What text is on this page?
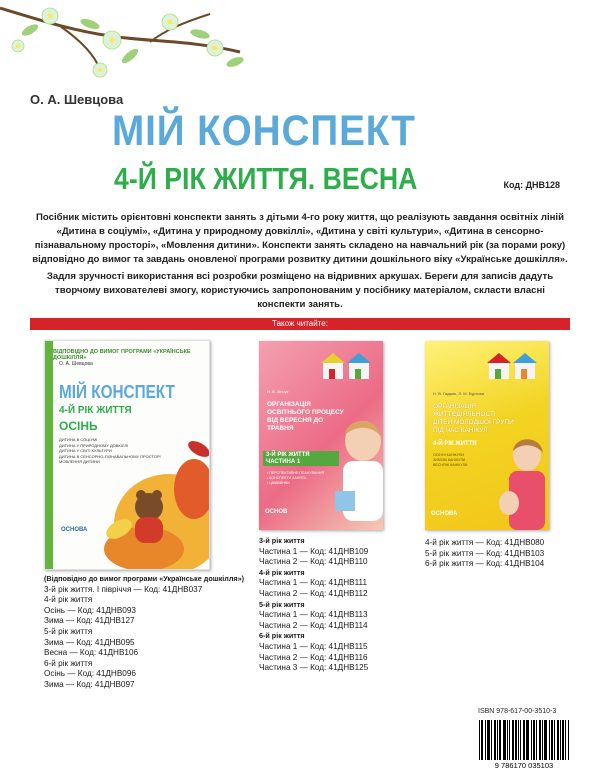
О. А. Шевцова
МІЙ КОНСПЕКТ
4-Й РІК ЖИТТЯ. ВЕСНА	Код: ДНВ128

Посібник містить орієнтовні конспекти занять з дітьми 4-го року життя, що реалізують завдання освітніх ліній «Дитина в соціумі», «Дитина у природному довкіллі», «Дитина у світі культури», «Дитина в сенсорно-пізнавальному просторі», «Мовлення дитини». Конспекти занять складено на навчальний рік (за порами року) відповідно до вимог та завдань оновленої програми розвитку дитини дошкільного віку «Українське дошкілля».

Задля зручності використання всі розробки розміщено на відривних аркушах. Береги для записів дадуть творчому вихователеві змогу, користуючись запропонованим у посібнику матеріалом, скласти власні конспекти занять.

Також читайте:
ВІДПОВІДНО ДО ВИМОГ ПРОГРАМИ «УКРАЇНСЬКЕ ДОШКІЛЛЯ»
О. А. Шевцова
МІЙ КОНСПЕКТ
4-Й РІК ЖИТТЯ
ОСІНЬ
ДИТИНА В СОЦІУМІ
ДИТИНА У ПРИРОДНОМУ ДОВКІЛЛІ
ДИТИНА У СВІТІ КУЛЬТУРИ
ДИТИНА В СЕНСОРНО-ПІЗНАВАЛЬНОМУ ПРОСТОРІ
МОВЛЕННЯ ДИТИНИ
ОСНОВА
Н. В. Зінчук
ОРГАНІЗАЦІЯ ОСВІТНЬОГО ПРОЦЕСУ ВІД ВЕРЕСНЯ ДО ТРАВНЯ
3-Й РІК ЖИТТЯ
ЧАСТИНА 1
• ПЕРСПЕКТИВНЕ ПЛАНУВАННЯ
• КОНСПЕКТИ ЗАНЯТЬ
• ЦІКАВИНКИ
ОСНОВ
Н. В. Гаджик, Л. М. Бурхова
ОРГАНІЗАЦІЯ ЖИТТЄДІЯЛЬНОСТІ ДІТЕЙ МОЛОДШОЇ ГРУПИ ПІД ЧАС КАНІКУЛ
4-Й РІК ЖИТТЯ
ОСІННІ КАНІКУЛИ
ЗИМОВІ КАНІКУЛИ
ВЕСНЯНІ КАНІКУЛИ
ОСНОВА
(Відповідно до вимог програми «Українське дошкілля»)
3-й рік життя. І півріччя — Код: 41ДНВ037
4-й рік життя
Осінь — Код: 41ДНВ093
Зима — Код: 41ДНВ127
5-й рік життя
Зима — Код: 41ДНВ095
Весна — Код: 41ДНВ106
6-й рік життя
Осінь — Код: 41ДНВ096
Зима — Код: 41ДНВ097
3-й рік життя
Частина 1 — Код: 41ДНВ109
Частина 2 — Код: 41ДНВ110
4-й рік життя
Частина 1 — Код: 41ДНВ111
Частина 2 — Код: 41ДНВ112
5-й рік життя
Частина 1 — Код: 41ДНВ113
Частина 2 — Код: 41ДНВ114
6-й рік життя
Частина 1 — Код: 41ДНВ115
Частина 2 — Код: 41ДНВ116
Частина 3 — Код: 41ДНВ125
4-й рік життя — Код: 41ДНВ080
5-й рік життя — Код: 41ДНВ103
6-й рік життя — Код: 41ДНВ104
ISBN 978-617-00-3510-3
9 786170 035103
